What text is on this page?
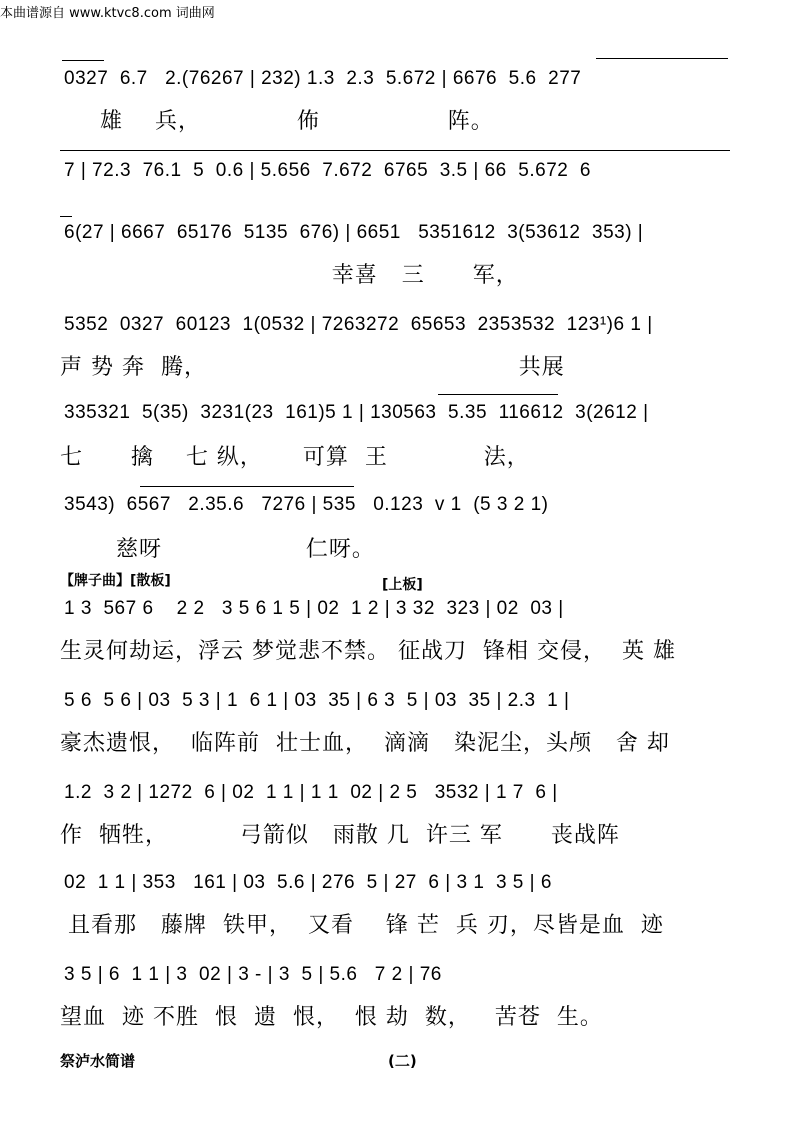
本曲谱源自 www.ktvc8.com 词曲网
0327  6.7   2.(76267 | 232) 1.3  2.3  5.672 | 6676  5.6  277
雄    兵，            佈                阵。
7 | 72.3  76.1  5  0.6 | 5.656  7.672  6765  3.5 | 66  5.672  6
6(27 | 6667  65176  5135  676) | 6651   5351612  3(53612  353) |
幸喜   三      军，
5352  0327  60123  1(0532 | 7263272  65653  2353532  123¹)6 1 |
声 势 奔  腾，                                       共展
335321  5(35)  3231(23  161)5 1 | 130563  5.35  116612  3(2612 |
七      擒    七 纵，     可算  王            法，
3543)  6567   2.35.6   7276 | 535   0.123  v 1  (5 3 2 1)
慈呀                  仁呀。
【牌子曲】[散板]	[上板]
1 3  567 6    2 2   3 5 6 1 5 | 02  1 2 | 3 32  323 | 02  03 |
生灵何劫运，浮云 梦觉悲不禁。 征战刀  锋相 交侵，  英 雄
5 6  5 6 | 03  5 3 | 1  6 1 | 03  35 | 6 3  5 | 03  35 | 2.3  1 |
豪杰遗恨，  临阵前  壮士血，  滴滴   染泥尘，头颅   舍 却
1.2  3 2 | 1272  6 | 02  1 1 | 1 1  02 | 2 5   3532 | 1 7  6 |
作  牺牲，         弓箭似   雨散 几  许三 军      丧战阵
02  1 1 | 353   161 | 03  5.6 | 276  5 | 27  6 | 3 1  3 5 | 6
且看那   藤牌  铁甲，  又看    锋 芒  兵 刃，尽皆是血  迹
3 5 | 6  1 1 | 3  02 | 3 - | 3  5 | 5.6   7 2 | 76
望血  迹 不胜  恨  遗  恨，  恨 劫  数，   苦苍  生。
祭泸水简谱	(二)
